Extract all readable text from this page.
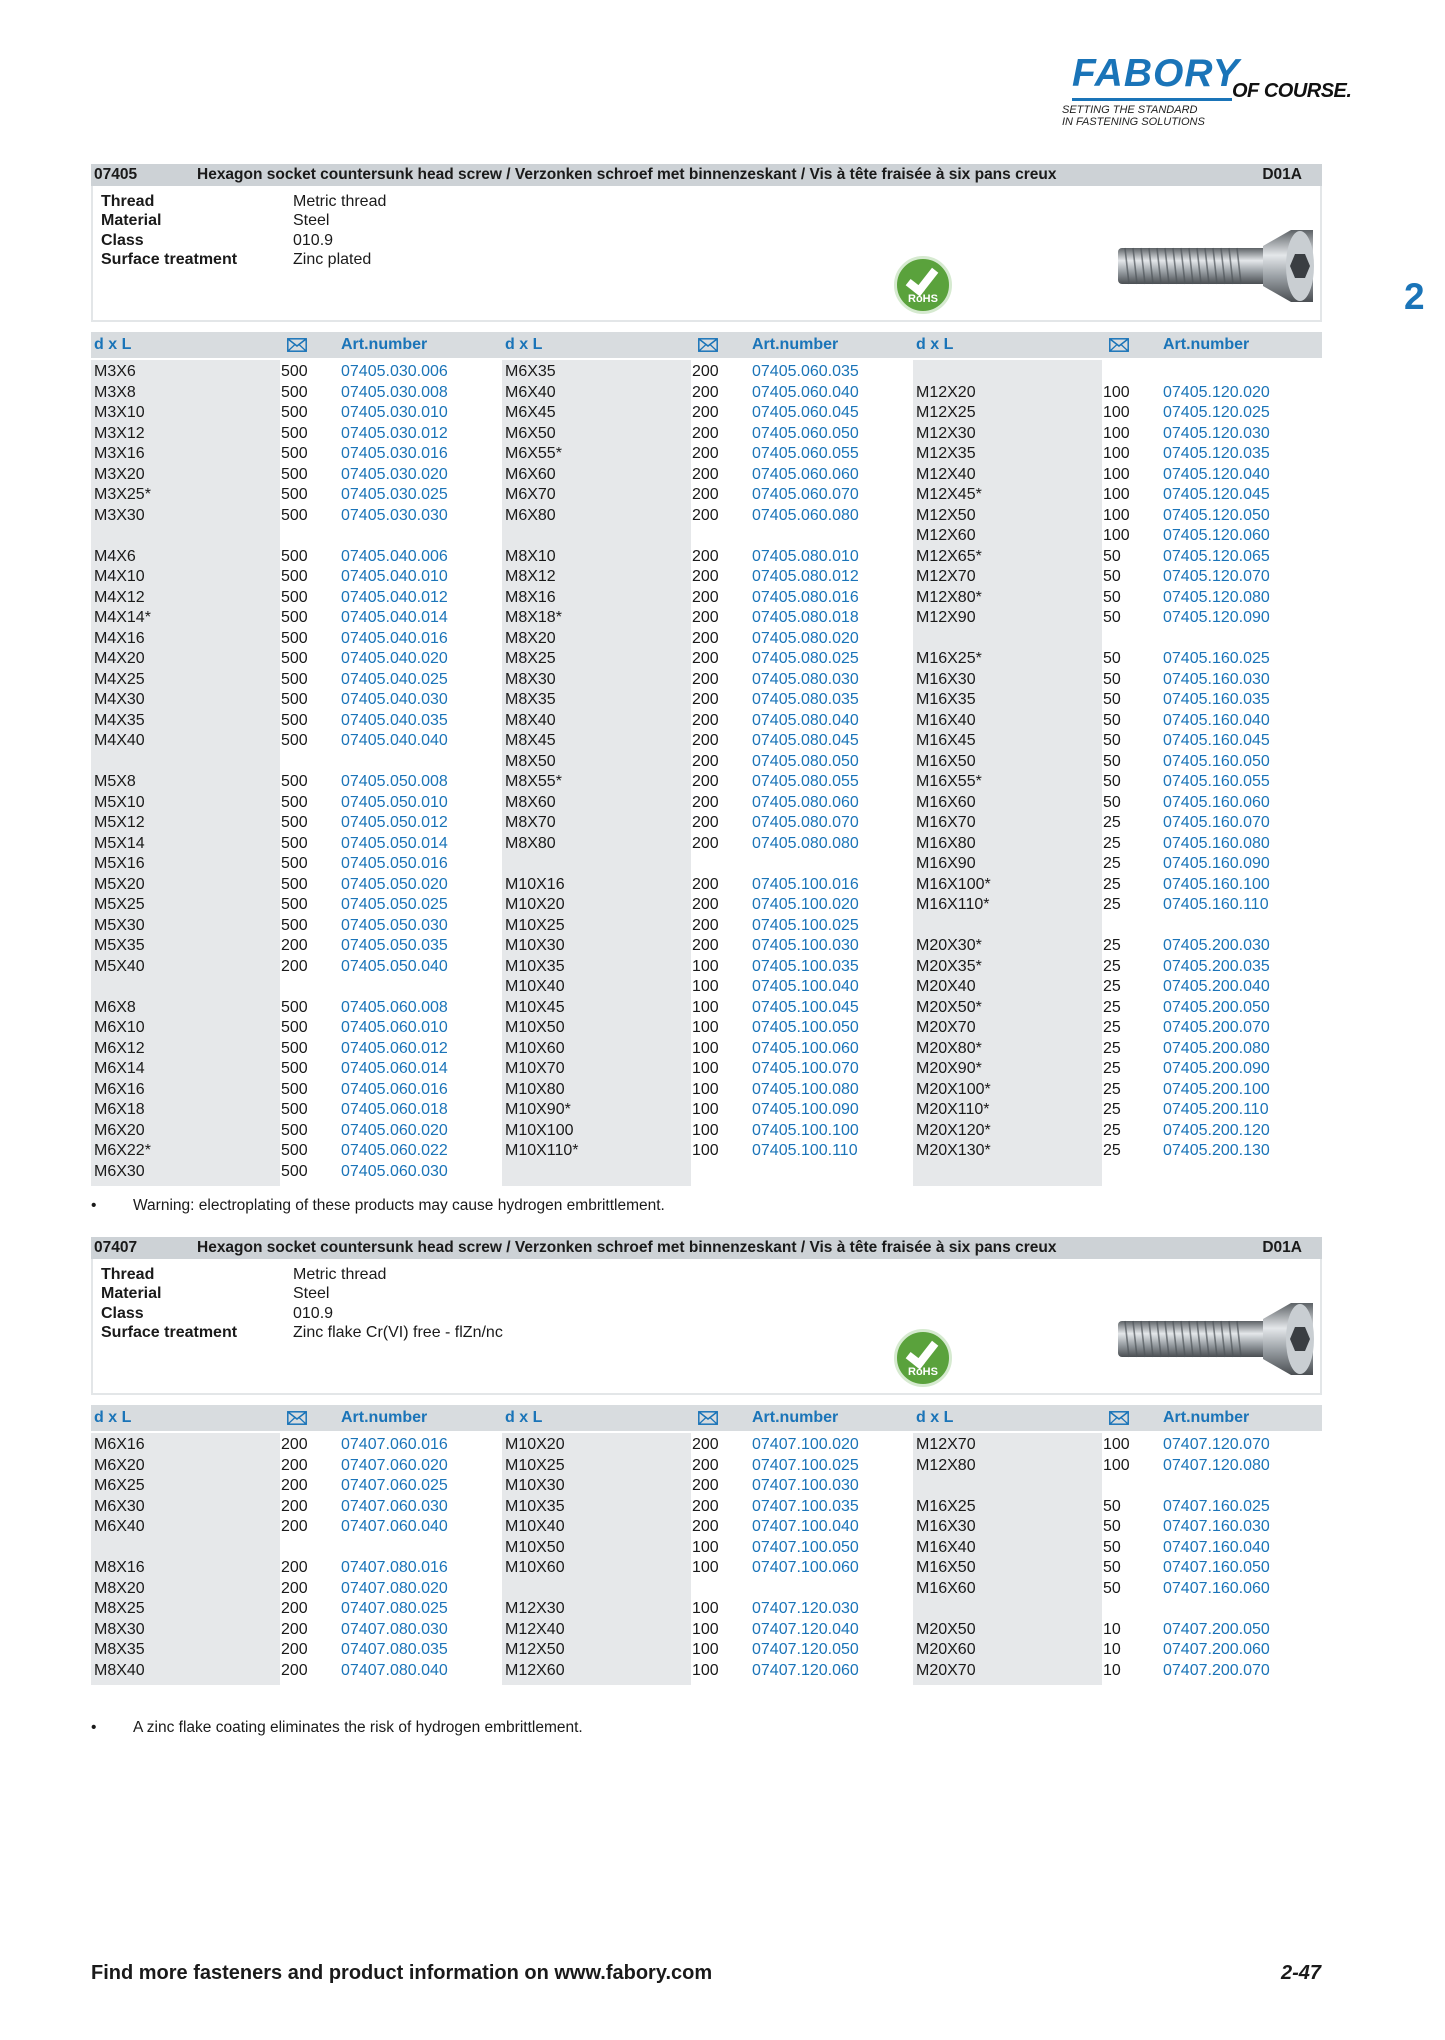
FABORY
OF COURSE.
SETTING THE STANDARD
IN FASTENING SOLUTIONS
2
07405	Hexagon socket countersunk head screw / Verzonken schroef met binnenzeskant / Vis à tête fraisée à six pans creux	D01A
Thread	Metric thread
Material	Steel
Class	010.9
Surface treatment	Zinc plated
RoHS
d x L	Art.number	d x L	Art.number	d x L	Art.number
M3X6	500 07405.030.006
M3X8	500 07405.030.008
M3X10	500 07405.030.010
M3X12	500 07405.030.012
M3X16	500 07405.030.016
M3X20	500 07405.030.020
M3X25*	500 07405.030.025
M3X30	500 07405.030.030
M4X6	500 07405.040.006
M4X10	500 07405.040.010
M4X12	500 07405.040.012
M4X14*	500 07405.040.014
M4X16	500 07405.040.016
M4X20	500 07405.040.020
M4X25	500 07405.040.025
M4X30	500 07405.040.030
M4X35	500 07405.040.035
M4X40	500 07405.040.040
M5X8	500 07405.050.008
M5X10	500 07405.050.010
M5X12	500 07405.050.012
M5X14	500 07405.050.014
M5X16	500 07405.050.016
M5X20	500 07405.050.020
M5X25	500 07405.050.025
M5X30	500 07405.050.030
M5X35	200 07405.050.035
M5X40	200 07405.050.040
M6X8	500 07405.060.008
M6X10	500 07405.060.010
M6X12	500 07405.060.012
M6X14	500 07405.060.014
M6X16	500 07405.060.016
M6X18	500 07405.060.018
M6X20	500 07405.060.020
M6X22*	500 07405.060.022
M6X30	500 07405.060.030
M6X35	200 07405.060.035
M6X40	200 07405.060.040
M6X45	200 07405.060.045
M6X50	200 07405.060.050
M6X55*	200 07405.060.055
M6X60	200 07405.060.060
M6X70	200 07405.060.070
M6X80	200 07405.060.080
M8X10	200 07405.080.010
M8X12	200 07405.080.012
M8X16	200 07405.080.016
M8X18*	200 07405.080.018
M8X20	200 07405.080.020
M8X25	200 07405.080.025
M8X30	200 07405.080.030
M8X35	200 07405.080.035
M8X40	200 07405.080.040
M8X45	200 07405.080.045
M8X50	200 07405.080.050
M8X55*	200 07405.080.055
M8X60	200 07405.080.060
M8X70	200 07405.080.070
M8X80	200 07405.080.080
M10X16	200 07405.100.016
M10X20	200 07405.100.020
M10X25	200 07405.100.025
M10X30	200 07405.100.030
M10X35	100 07405.100.035
M10X40	100 07405.100.040
M10X45	100 07405.100.045
M10X50	100 07405.100.050
M10X60	100 07405.100.060
M10X70	100 07405.100.070
M10X80	100 07405.100.080
M10X90*	100 07405.100.090
M10X100	100 07405.100.100
M10X110*	100 07405.100.110
M12X20	100 07405.120.020
M12X25	100 07405.120.025
M12X30	100 07405.120.030
M12X35	100 07405.120.035
M12X40	100 07405.120.040
M12X45*	100 07405.120.045
M12X50	100 07405.120.050
M12X60	100 07405.120.060
M12X65*	50	07405.120.065
M12X70	50	07405.120.070
M12X80*	50	07405.120.080
M12X90	50	07405.120.090
M16X25*	50	07405.160.025
M16X30	50	07405.160.030
M16X35	50	07405.160.035
M16X40	50	07405.160.040
M16X45	50	07405.160.045
M16X50	50	07405.160.050
M16X55*	50	07405.160.055
M16X60	50	07405.160.060
M16X70	25	07405.160.070
M16X80	25	07405.160.080
M16X90	25	07405.160.090
M16X100*	25	07405.160.100
M16X110*	25	07405.160.110
M20X30*	25	07405.200.030
M20X35*	25	07405.200.035
M20X40	25	07405.200.040
M20X50*	25	07405.200.050
M20X70	25	07405.200.070
M20X80*	25	07405.200.080
M20X90*	25	07405.200.090
M20X100*	25	07405.200.100
M20X110*	25	07405.200.110
M20X120*	25	07405.200.120
M20X130*	25	07405.200.130
07407	Hexagon socket countersunk head screw / Verzonken schroef met binnenzeskant / Vis à tête fraisée à six pans creux	D01A
Thread	Metric thread
Material	Steel
Class	010.9
Surface treatment	Zinc flake Cr(VI) free - flZn/nc
RoHS
d x L	Art.number	d x L	Art.number	d x L	Art.number
M6X16	200 07407.060.016
M6X20	200 07407.060.020
M6X25	200 07407.060.025
M6X30	200 07407.060.030
M6X40	200 07407.060.040
M8X16	200 07407.080.016
M8X20	200 07407.080.020
M8X25	200 07407.080.025
M8X30	200 07407.080.030
M8X35	200 07407.080.035
M8X40	200 07407.080.040
M10X20	200 07407.100.020
M10X25	200 07407.100.025
M10X30	200 07407.100.030
M10X35	200 07407.100.035
M10X40	200 07407.100.040
M10X50	100 07407.100.050
M10X60	100 07407.100.060
M12X30	100 07407.120.030
M12X40	100 07407.120.040
M12X50	100 07407.120.050
M12X60	100 07407.120.060
M12X70	100 07407.120.070
M12X80	100 07407.120.080
M16X25	50	07407.160.025
M16X30	50	07407.160.030
M16X40	50	07407.160.040
M16X50	50	07407.160.050
M16X60	50	07407.160.060
M20X50	10	07407.200.050
M20X60	10	07407.200.060
M20X70	10	07407.200.070
• Warning: electroplating of these products may cause hydrogen embrittlement.
• A zinc flake coating eliminates the risk of hydrogen embrittlement.
Find more fasteners and product information on www.fabory.com	2-47
